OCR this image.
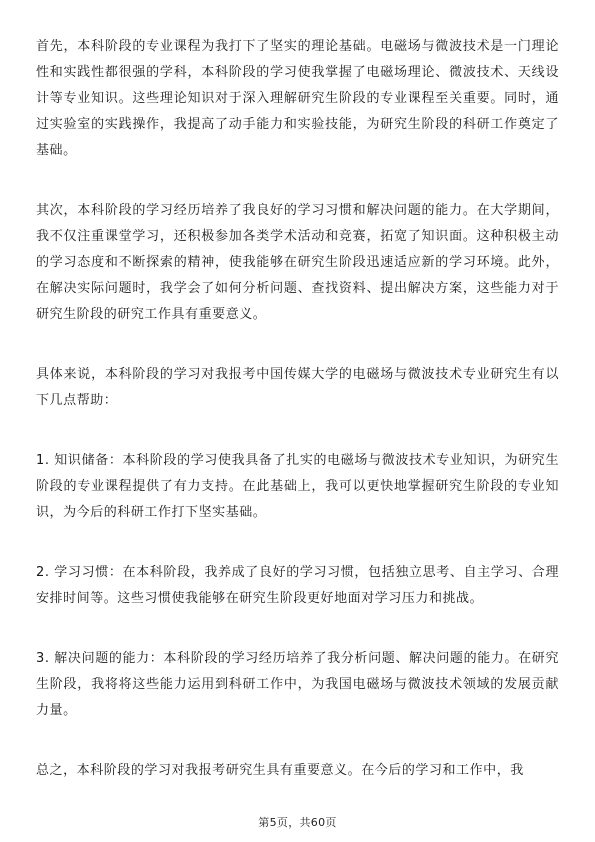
首先，本科阶段的专业课程为我打下了坚实的理论基础。电磁场与微波技术是一门理论性和实践性都很强的学科，本科阶段的学习使我掌握了电磁场理论、微波技术、天线设计等专业知识。这些理论知识对于深入理解研究生阶段的专业课程至关重要。同时，通过实验室的实践操作，我提高了动手能力和实验技能，为研究生阶段的科研工作奠定了基础。

其次，本科阶段的学习经历培养了我良好的学习习惯和解决问题的能力。在大学期间，我不仅注重课堂学习，还积极参加各类学术活动和竞赛，拓宽了知识面。这种积极主动的学习态度和不断探索的精神，使我能够在研究生阶段迅速适应新的学习环境。此外，在解决实际问题时，我学会了如何分析问题、查找资料、提出解决方案，这些能力对于研究生阶段的研究工作具有重要意义。

具体来说，本科阶段的学习对我报考中国传媒大学的电磁场与微波技术专业研究生有以下几点帮助：

1. 知识储备：本科阶段的学习使我具备了扎实的电磁场与微波技术专业知识，为研究生阶段的专业课程提供了有力支持。在此基础上，我可以更快地掌握研究生阶段的专业知识，为今后的科研工作打下坚实基础。

2. 学习习惯：在本科阶段，我养成了良好的学习习惯，包括独立思考、自主学习、合理安排时间等。这些习惯使我能够在研究生阶段更好地面对学习压力和挑战。

3. 解决问题的能力：本科阶段的学习经历培养了我分析问题、解决问题的能力。在研究生阶段，我将将这些能力运用到科研工作中，为我国电磁场与微波技术领域的发展贡献力量。

总之，本科阶段的学习对我报考研究生具有重要意义。在今后的学习和工作中，我

第5页，共60页
